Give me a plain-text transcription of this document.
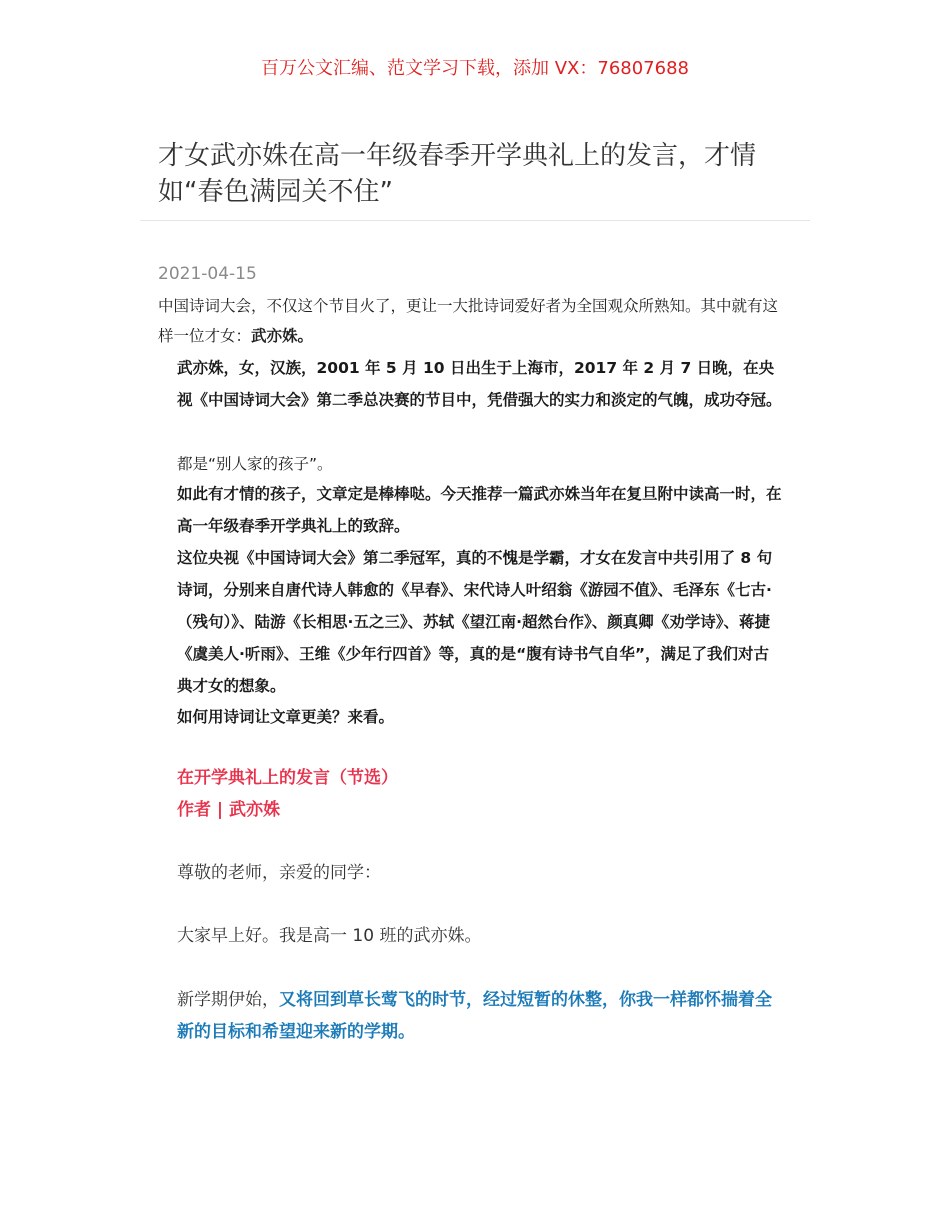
百万公文汇编、范文学习下载，添加 VX：76807688
才女武亦姝在高一年级春季开学典礼上的发言，才情如“春色满园关不住”
2021-04-15
中国诗词大会，不仅这个节目火了，更让一大批诗词爱好者为全国观众所熟知。其中就有这样一位才女：武亦姝。
武亦姝，女，汉族，2001 年 5 月 10 日出生于上海市，2017 年 2 月 7 日晚，在央视《中国诗词大会》第二季总决赛的节目中，凭借强大的实力和淡定的气魄，成功夺冠。
都是“别人家的孩子”。
如此有才情的孩子，文章定是棒棒哒。今天推荐一篇武亦姝当年在复旦附中读高一时，在高一年级春季开学典礼上的致辞。
这位央视《中国诗词大会》第二季冠军，真的不愧是学霸，才女在发言中共引用了 8 句诗词，分别来自唐代诗人韩愈的《早春》、宋代诗人叶绍翁《游园不值》、毛泽东《七古·（残句）》、陆游《长相思·五之三》、苏轼《望江南·超然台作》、颜真卿《劝学诗》、蒋捷《虞美人·听雨》、王维《少年行四首》等，真的是“腹有诗书气自华”，满足了我们对古典才女的想象。
如何用诗词让文章更美？来看。
在开学典礼上的发言（节选）
作者 | 武亦姝
尊敬的老师，亲爱的同学：
大家早上好。我是高一 10 班的武亦姝。
新学期伊始，又将回到草长莺飞的时节，经过短暂的休整，你我一样都怀揣着全新的目标和希望迎来新的学期。
